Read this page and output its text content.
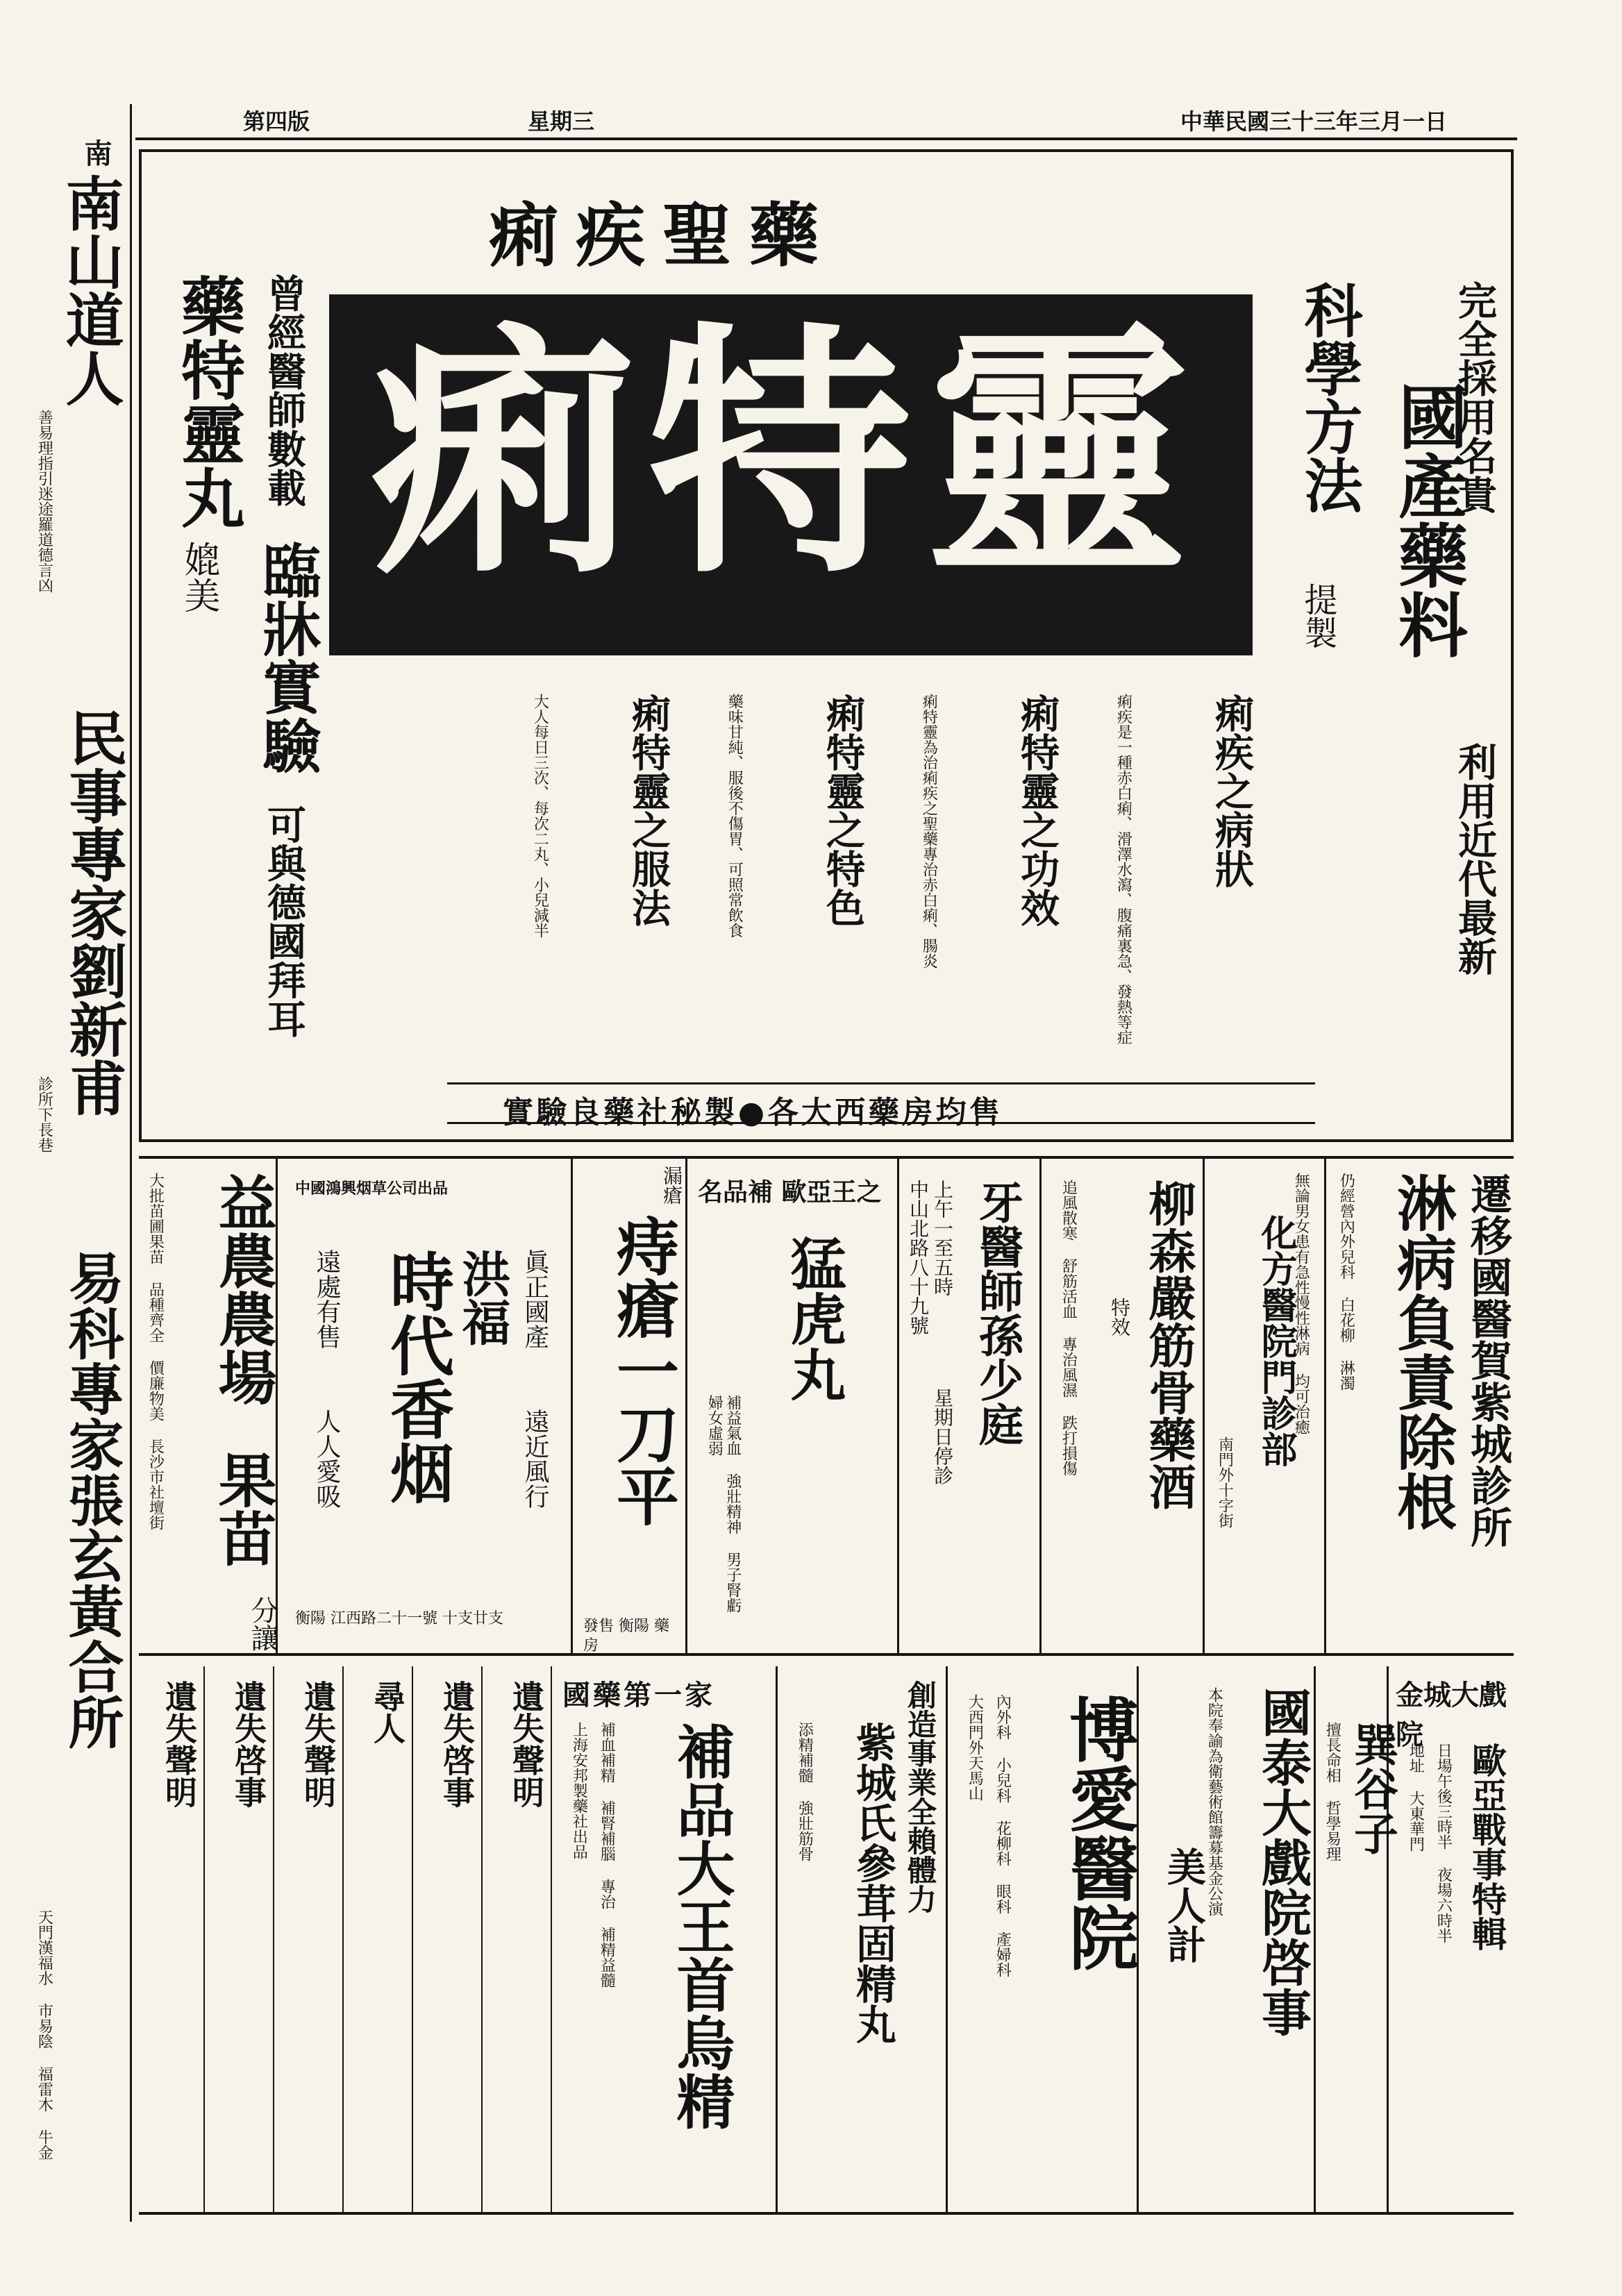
第四版	星期三	中華民國三十三年三月一日
南
南山道人
善易理指引迷途羅道德言凶
民事專家劉新甫
診所下長巷
易科專家張玄黃合所
天門漢福水 市易陰 福雷木 牛金
痢疾聖藥
痢特靈	完全採用名貴
國產藥料
利用近代最新
科學方法
提製
藥特靈丸
媲美
曾經醫師數載
臨牀實驗
可與德國拜耳
痢疾之病狀
痢疾是一種赤白痢、滑澤水瀉、腹痛裏急、發熱等症
痢特靈之功效
痢特靈為治痢疾之聖藥專治赤白痢、腸炎
痢特靈之特色
藥味甘純、服後不傷胃、可照常飲食
痢特靈之服法
大人每日三次、每次二丸、小兒減半
實驗良藥社秘製●各大西藥房均售
大批苗圃果苗 品種齊全 價廉物美 長沙市社壇街 益農農場
果苗
分讓
中國鴻興烟草公司出品
洪福
時代香烟	眞正國產
遠近風行
遠處有售
人人愛吸
衡陽 江西路二十一號 十支廿支
漏瘡
痔瘡一刀平
發售 衡陽 藥房
名品補 歐亞王之
猛虎丸
補益氣血 強壯精神 男子腎虧 婦女虛弱	牙醫師孫少庭
上午一至五時
星期日停診
中山北路八十九號	柳森嚴筋骨藥酒
特效
追風散寒 舒筋活血 專治風濕 跌打損傷	無論男女患有急性慢性淋病 均可治癒
化方醫院門診部
南門外十字街	遷移國醫賀紫城診所
淋病負責除根
仍經營內外兒科 白花柳 淋濁
遺失聲明 遺失啓事 遺失聲明 尋人 遺失啓事 遺失聲明 國藥第一家
補品大王首烏精
補血補精 補腎補腦 專治 補精益髓
上海安邦製藥社出品	創造事業全賴體力
紫城氏參茸固精丸
添精補髓 強壯筋骨	博愛醫院
內外科 小兒科 花柳科 眼科 產婦科
大西門外天馬山	國泰大戲院啓事
本院奉諭為衛藝術館籌募基金公演
美人計
巽谷子
擅長命相 哲學易理
金城大戲院
歐亞戰事特輯
日場午後三時半 夜場六時半
地址 大東華門
